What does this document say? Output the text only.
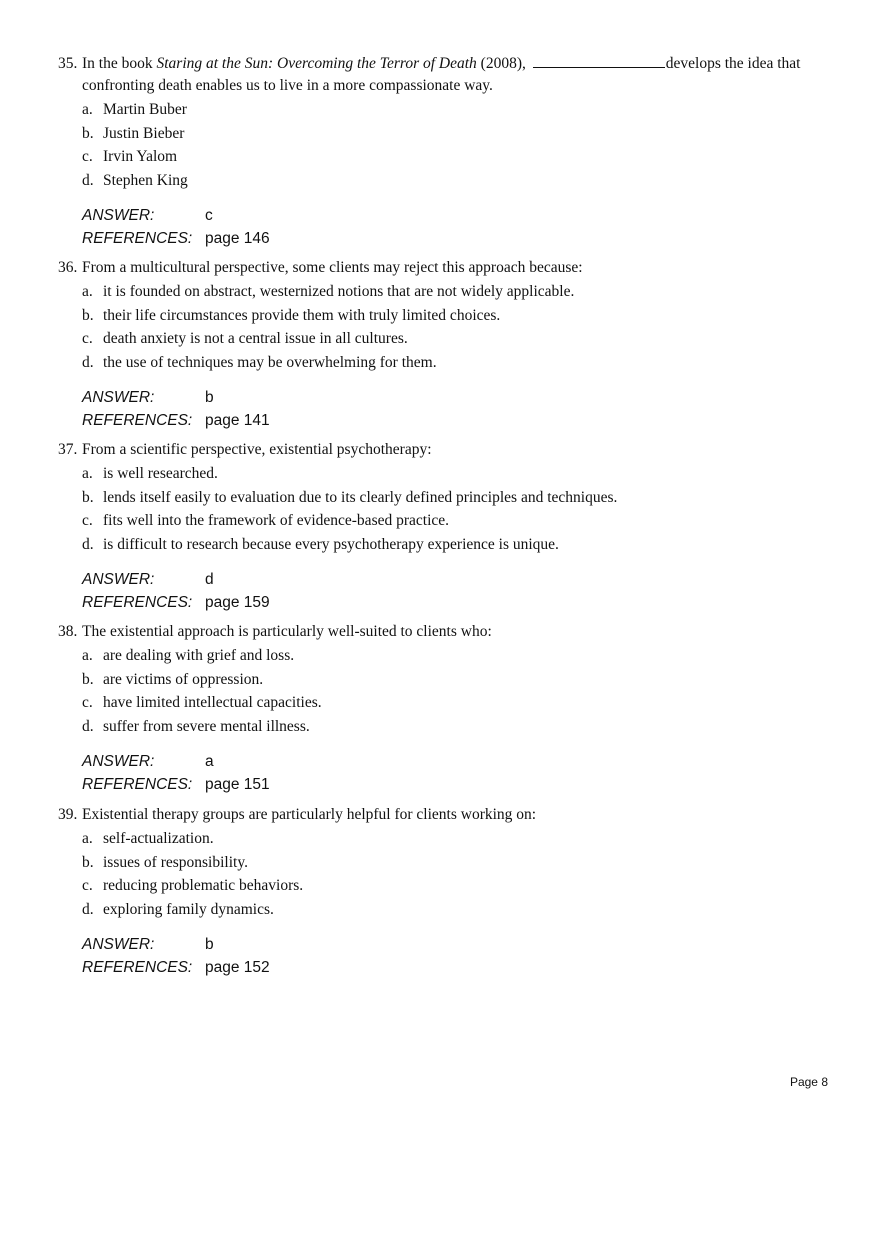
35. In the book Staring at the Sun: Overcoming the Terror of Death (2008),	develops the idea that confronting death enables us to live in a more compassionate way.
a. Martin Buber
b. Justin Bieber
c. Irvin Yalom
d. Stephen King
ANSWER:	c
REFERENCES: page 146
36. From a multicultural perspective, some clients may reject this approach because:
a. it is founded on abstract, westernized notions that are not widely applicable.
b. their life circumstances provide them with truly limited choices.
c. death anxiety is not a central issue in all cultures.
d. the use of techniques may be overwhelming for them.
ANSWER:	b
REFERENCES: page 141
37. From a scientific perspective, existential psychotherapy:
a. is well researched.
b. lends itself easily to evaluation due to its clearly defined principles and techniques.
c. fits well into the framework of evidence-based practice.
d. is difficult to research because every psychotherapy experience is unique.
ANSWER:	d
REFERENCES: page 159
38. The existential approach is particularly well-suited to clients who:
a. are dealing with grief and loss.
b. are victims of oppression.
c. have limited intellectual capacities.
d. suffer from severe mental illness.
ANSWER:	a
REFERENCES: page 151
39. Existential therapy groups are particularly helpful for clients working on:
a. self-actualization.
b. issues of responsibility.
c. reducing problematic behaviors.
d. exploring family dynamics.
ANSWER:	b
REFERENCES: page 152
Page 8
